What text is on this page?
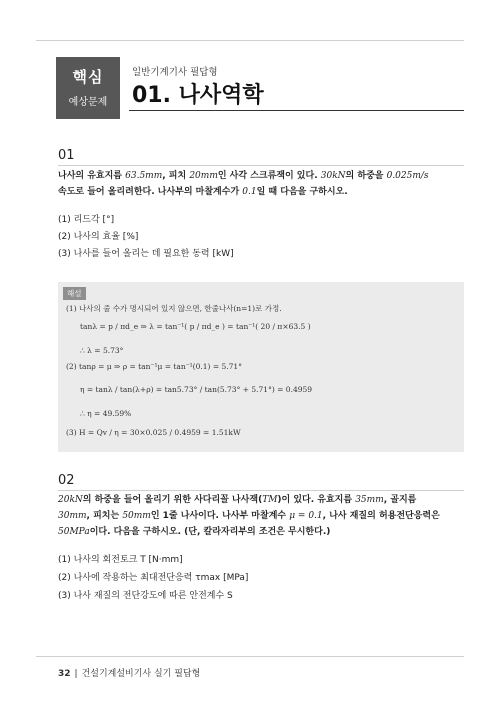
핵심
예상문제
일반기계기사 필답형
01. 나사역학
01
나사의 유효지름 63.5mm, 피치 20mm인 사각 스크류잭이 있다. 30kN의 하중을 0.025m/s
속도로 들어 올리려한다. 나사부의 마찰계수가 0.1일 때 다음을 구하시오.
(1) 리드각 [°]
(2) 나사의 효율 [%]
(3) 나사를 들어 올리는 데 필요한 동력 [kW]
해설
(1) 나사의 줄 수가 명시되어 있지 않으면, 한줄나사(n=1)로 가정.
tanλ = p / πd_e ⇒ λ = tan⁻¹( p / πd_e ) = tan⁻¹( 20 / π×63.5 )
∴ λ = 5.73°
(2) tanρ = μ ⇒ ρ = tan⁻¹μ = tan⁻¹(0.1) = 5.71°
η = tanλ / tan(λ+ρ) = tan5.73° / tan(5.73° + 5.71°) = 0.4959
∴ η = 49.59%
(3) H = Qv / η = 30×0.025 / 0.4959 = 1.51kW
02
20kN의 하중을 들어 올리기 위한 사다리꼴 나사잭(TM)이 있다. 유효지름 35mm, 골지름
30mm, 피치는 50mm인 1줄 나사이다. 나사부 마찰계수 μ = 0.1, 나사 재질의 허용전단응력은
50MPa이다. 다음을 구하시오. (단, 칼라자리부의 조건은 무시한다.)
(1) 나사의 회전토크 T [N·mm]
(2) 나사에 작용하는 최대전단응력 τmax [MPa]
(3) 나사 재질의 전단강도에 따른 안전계수 S
32 | 건설기계설비기사 실기 필답형
